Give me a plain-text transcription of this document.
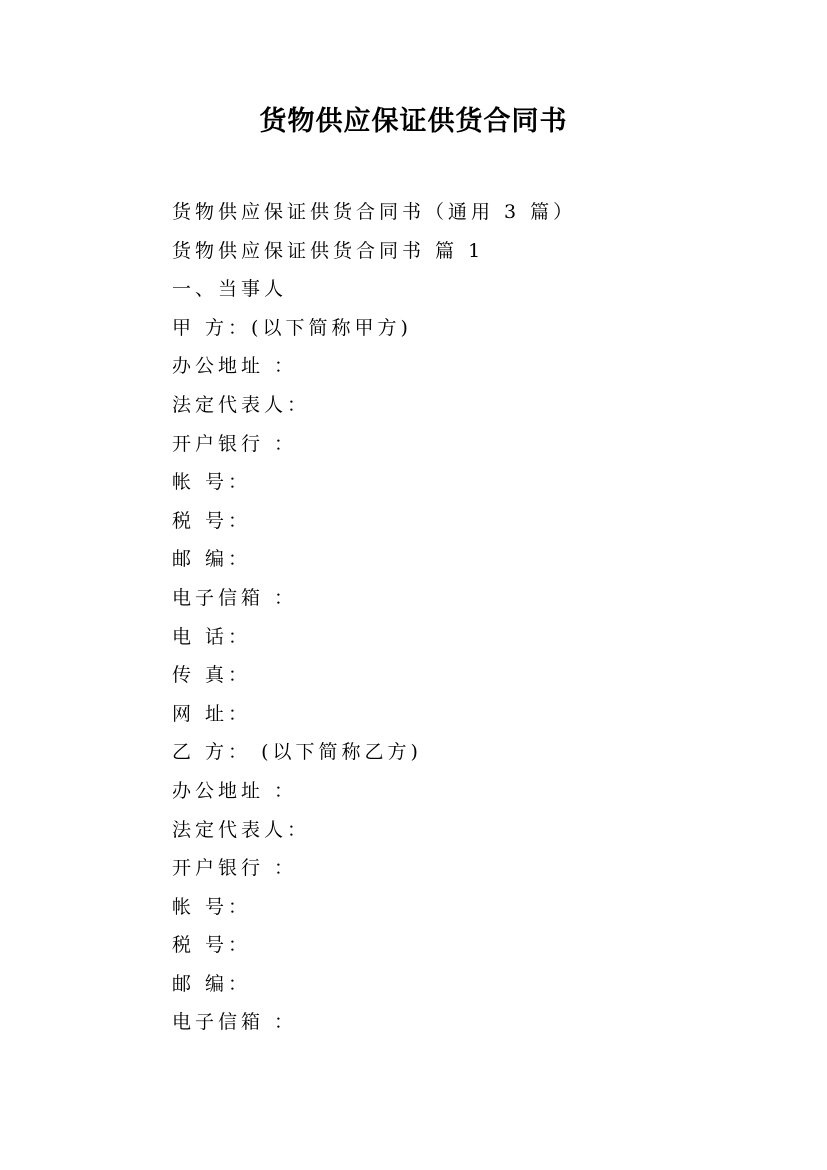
货物供应保证供货合同书
货物供应保证供货合同书（通用 3 篇）
货物供应保证供货合同书 篇 1
一、当事人
甲 方：(以下简称甲方)
办公地址 ：
法定代表人：
开户银行 ：
帐 号：
税 号：
邮 编：
电子信箱 ：
电 话：
传 真：
网 址：
乙 方： (以下简称乙方)
办公地址 ：
法定代表人：
开户银行 ：
帐 号：
税 号：
邮 编：
电子信箱 ：
